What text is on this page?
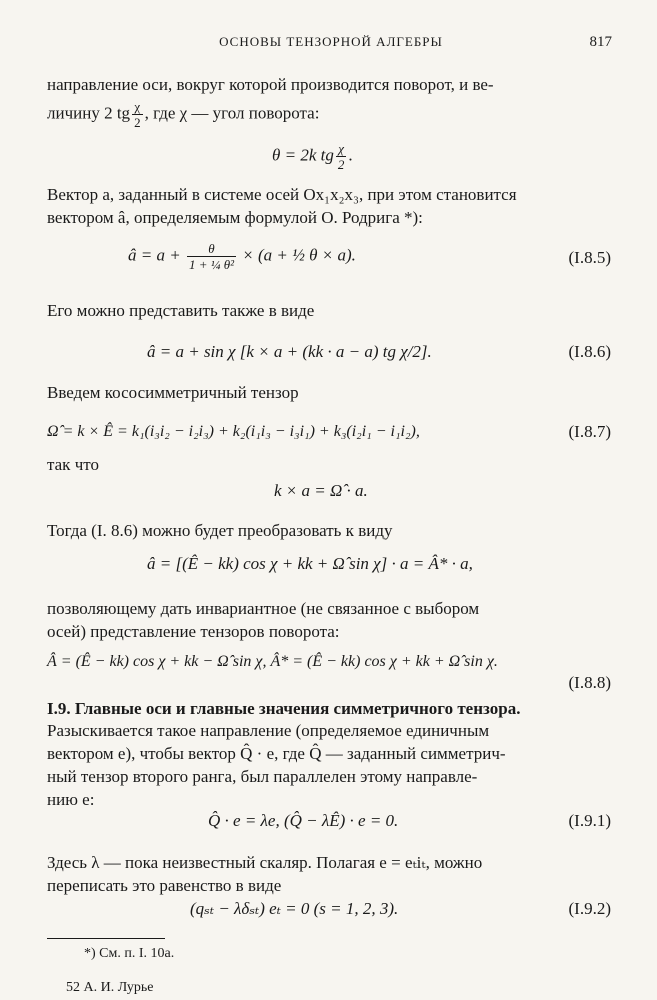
ОСНОВЫ ТЕНЗОРНОЙ АЛГЕБРЫ	817
направление оси, вокруг которой производится поворот, и ве-
личину 2 tg $\frac{\chi}{2}$ , где χ — угол поворота:
θ = 2k tg $\frac{\chi}{2}$ .
Вектор a, заданный в системе осей Ox₁x₂x₃, при этом становится
вектором â, определяемым формулой О. Родрига *):
â = $a + \frac{\theta}{\text{1 + ¼ θ²}} \times (a$ + ½ θ × a).	(I.8.5)
Его можно представить также в виде
â = a + sin χ [k × a + (kk · a − a) tg χ/2].	(I.8.6)
Введем кососимметричный тензор
Ω̂ = k × Ê = k₁(i₃i₂ − i₂i₃) + k₂(i₁i₃ − i₃i₁) + k₃(i₂i₁ − i₁i₂),	(I.8.7)
так что
k × a = Ω̂ · a.
Тогда (I. 8.6) можно будет преобразовать к виду
â = [(Ê − kk) cos χ + kk + Ω̂ sin χ] · a = Â* · a,
позволяющему дать инвариантное (не связанное с выбором
осей) представление тензоров поворота:
Â = (Ê − kk) cos χ + kk − Ω̂ sin χ, Â* = (Ê − kk) cos χ + kk + Ω̂ sin χ.
(I.8.8)
I.9. Главные оси и главные значения симметричного тензора.
Разыскивается такое направление (определяемое единичным
вектором e), чтобы вектор Q̂ · e, где Q̂ — заданный симметрич-
ный тензор второго ранга, был параллелен этому направле-
нию e:
Q̂ · e = λe, (Q̂ − λÊ) · e = 0.	(I.9.1)
Здесь λ — пока неизвестный скаляр. Полагая e = eₜiₜ, можно
переписать это равенство в виде
(qₛₜ − λδₛₜ) eₜ = 0 (s = 1, 2, 3).	(I.9.2)
*) См. п. I. 10а.
52 А. И. Лурье
